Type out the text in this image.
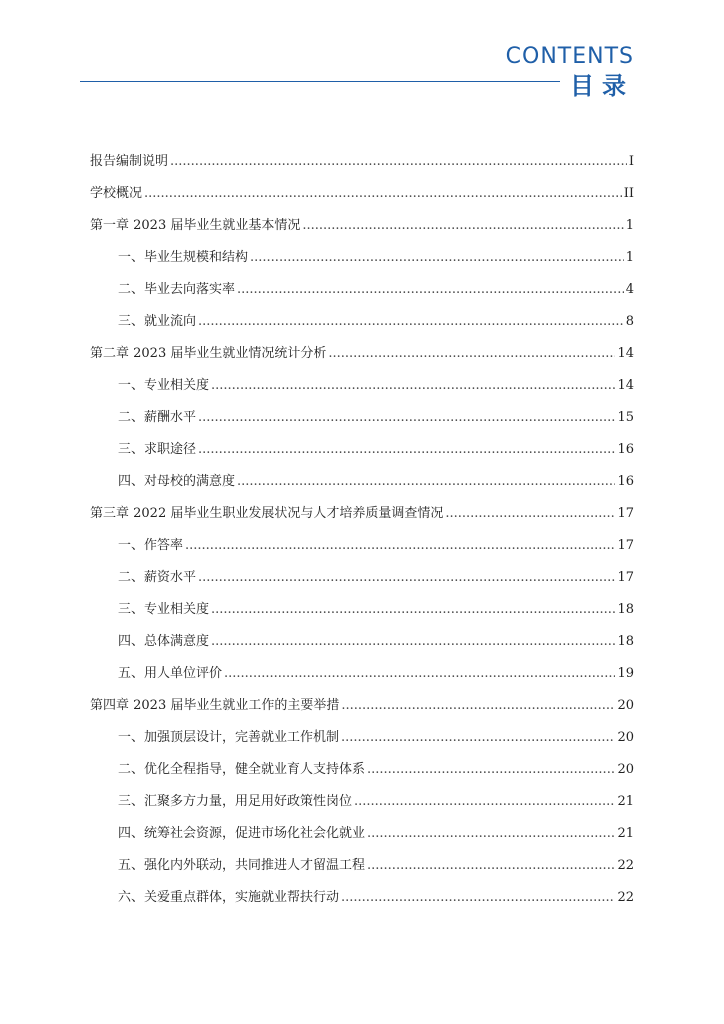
CONTENTS
目录
报告编制说明 .....	I
学校概况 .....	II
第一章 2023 届毕业生就业基本情况 .....	1
一、毕业生规模和结构 .....	1
二、毕业去向落实率 .....	4
三、就业流向 .....	8
第二章 2023 届毕业生就业情况统计分析 .....	14
一、专业相关度 .....	14
二、薪酬水平 .....	15
三、求职途径 .....	16
四、对母校的满意度 .....	16
第三章 2022 届毕业生职业发展状况与人才培养质量调查情况 .....	17
一、作答率 .....	17
二、薪资水平 .....	17
三、专业相关度 .....	18
四、总体满意度 .....	18
五、用人单位评价 .....	19
第四章 2023 届毕业生就业工作的主要举措 .....	20
一、加强顶层设计，完善就业工作机制 .....	20
二、优化全程指导，健全就业育人支持体系 .....	20
三、汇聚多方力量，用足用好政策性岗位 .....	21
四、统筹社会资源，促进市场化社会化就业 .....	21
五、强化内外联动，共同推进人才留温工程 .....	22
六、关爱重点群体，实施就业帮扶行动 .....	22
